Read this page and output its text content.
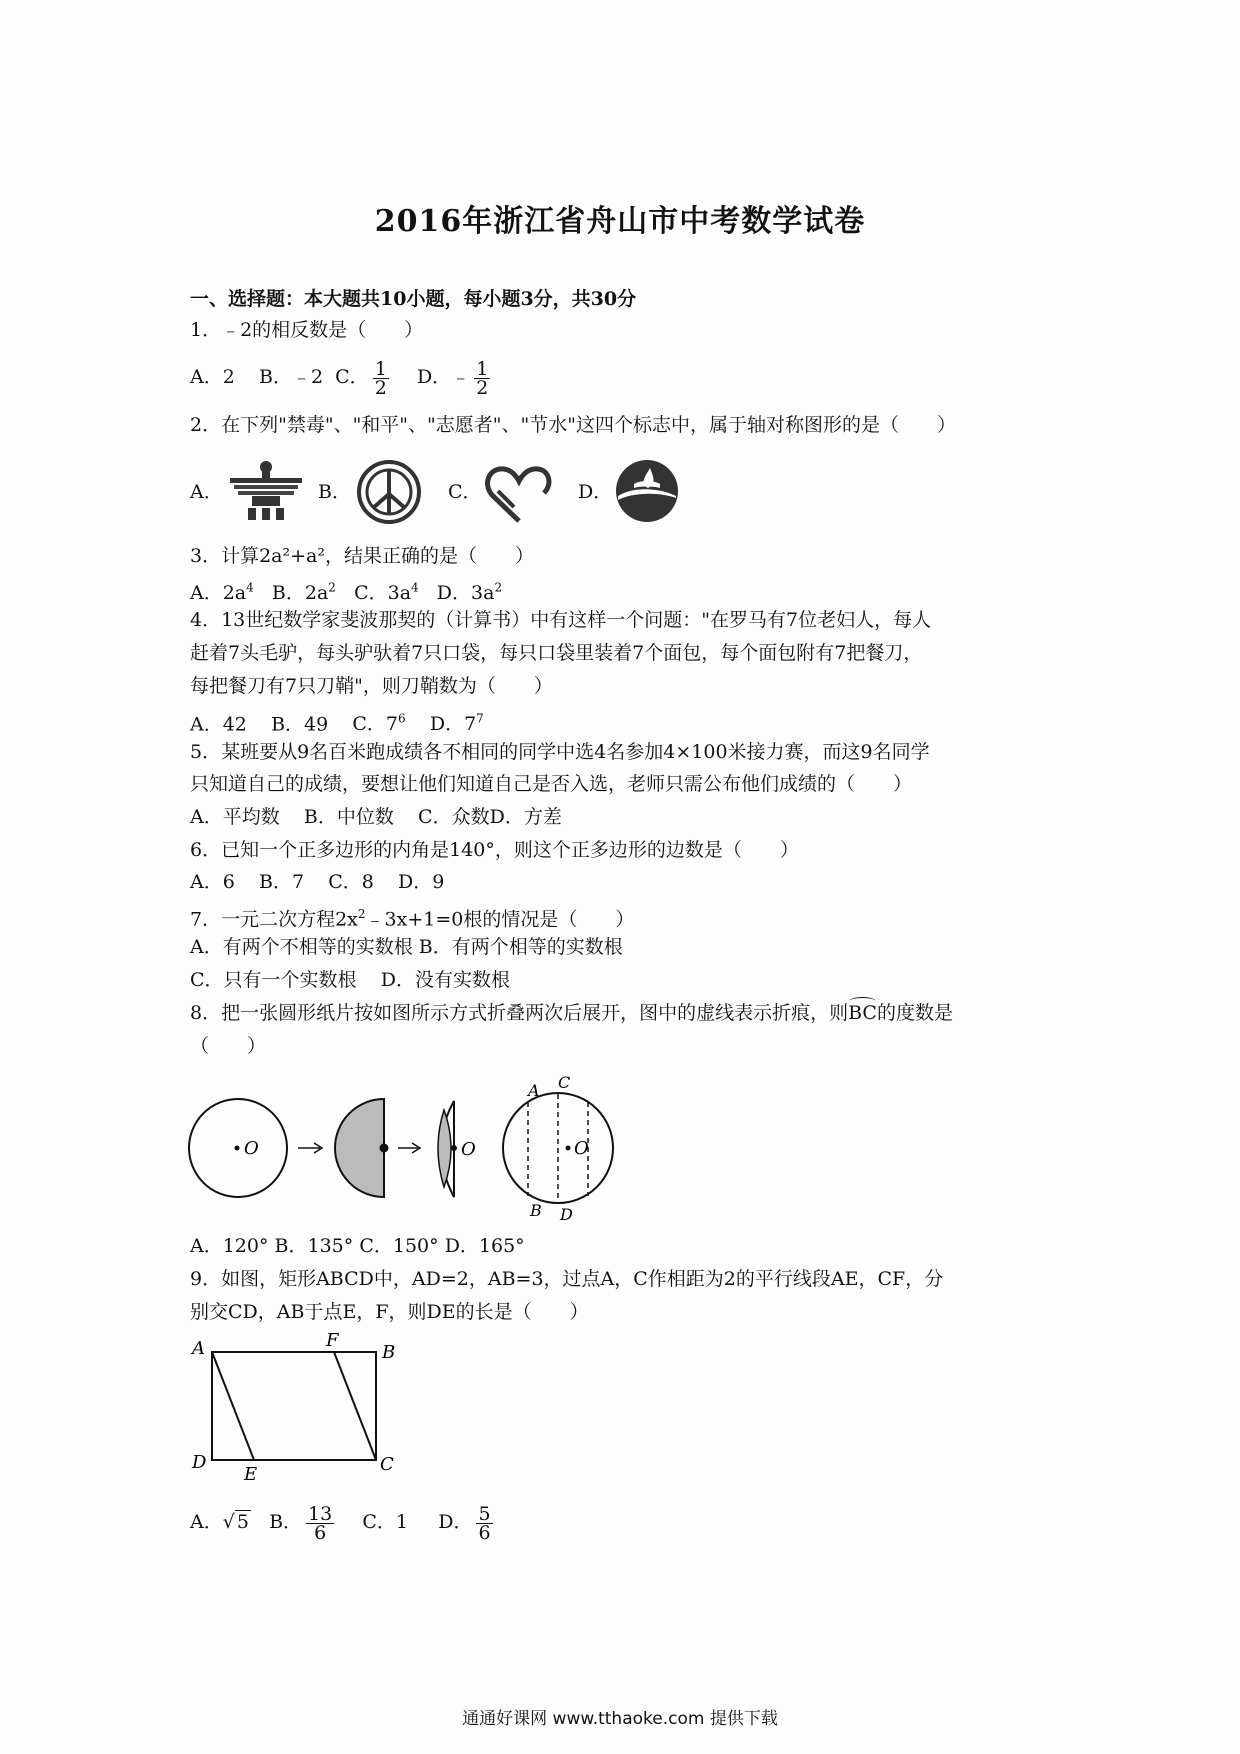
2016年浙江省舟山市中考数学试卷
一、选择题：本大题共10小题，每小题3分，共30分
1．﹣2的相反数是（　　）
A．2 B．﹣2 C． $\frac{1}{2}$ D．﹣ $\frac{1}{2}$
2．在下列"禁毒"、"和平"、"志愿者"、"节水"这四个标志中，属于轴对称图形的是（　　）
A．	B．	C．	D．
3．计算2a²+a²，结果正确的是（　　）
A．$2a^4$ B．$2a^2$ C．$3a^4$ D．$3a^2$
4．13世纪数学家斐波那契的（计算书）中有这样一个问题："在罗马有7位老妇人，每人
赶着7头毛驴，每头驴驮着7只口袋，每只口袋里装着7个面包，每个面包附有7把餐刀，
每把餐刀有7只刀鞘"，则刀鞘数为（　　）
A．42 B．49 C．$7^6$ D．$7^7$
5．某班要从9名百米跑成绩各不相同的同学中选4名参加4×100米接力赛，而这9名同学
只知道自己的成绩，要想让他们知道自己是否入选，老师只需公布他们成绩的（　　）
A．平均数 B．中位数 C．众数D．方差
6．已知一个正多边形的内角是140°，则这个正多边形的边数是（　　）
A．6 B．7 C．8 D．9
7．一元二次方程$2x^2﹣3x+1=0$根的情况是（　　）
A．有两个不相等的实数根 B．有两个相等的实数根
C．只有一个实数根 D．没有实数根
8．把一张圆形纸片按如图所示方式折叠两次后展开，图中的虚线表示折痕，则BC的度数是
（　　）
O	O	O
A C
B D
A．120° B．135° C．150° D．165°
9．如图，矩形ABCD中，AD=2，AB=3，过点A，C作相距为2的平行线段AE，CF，分
别交CD，AB于点E，F，则DE的长是（　　）
A	F
B
D
E	C
A．√ 5 B． $\frac{13}{6}$ C．1 D． $\frac{5}{6}$
通通好课网 www.tthaoke.com 提供下载
